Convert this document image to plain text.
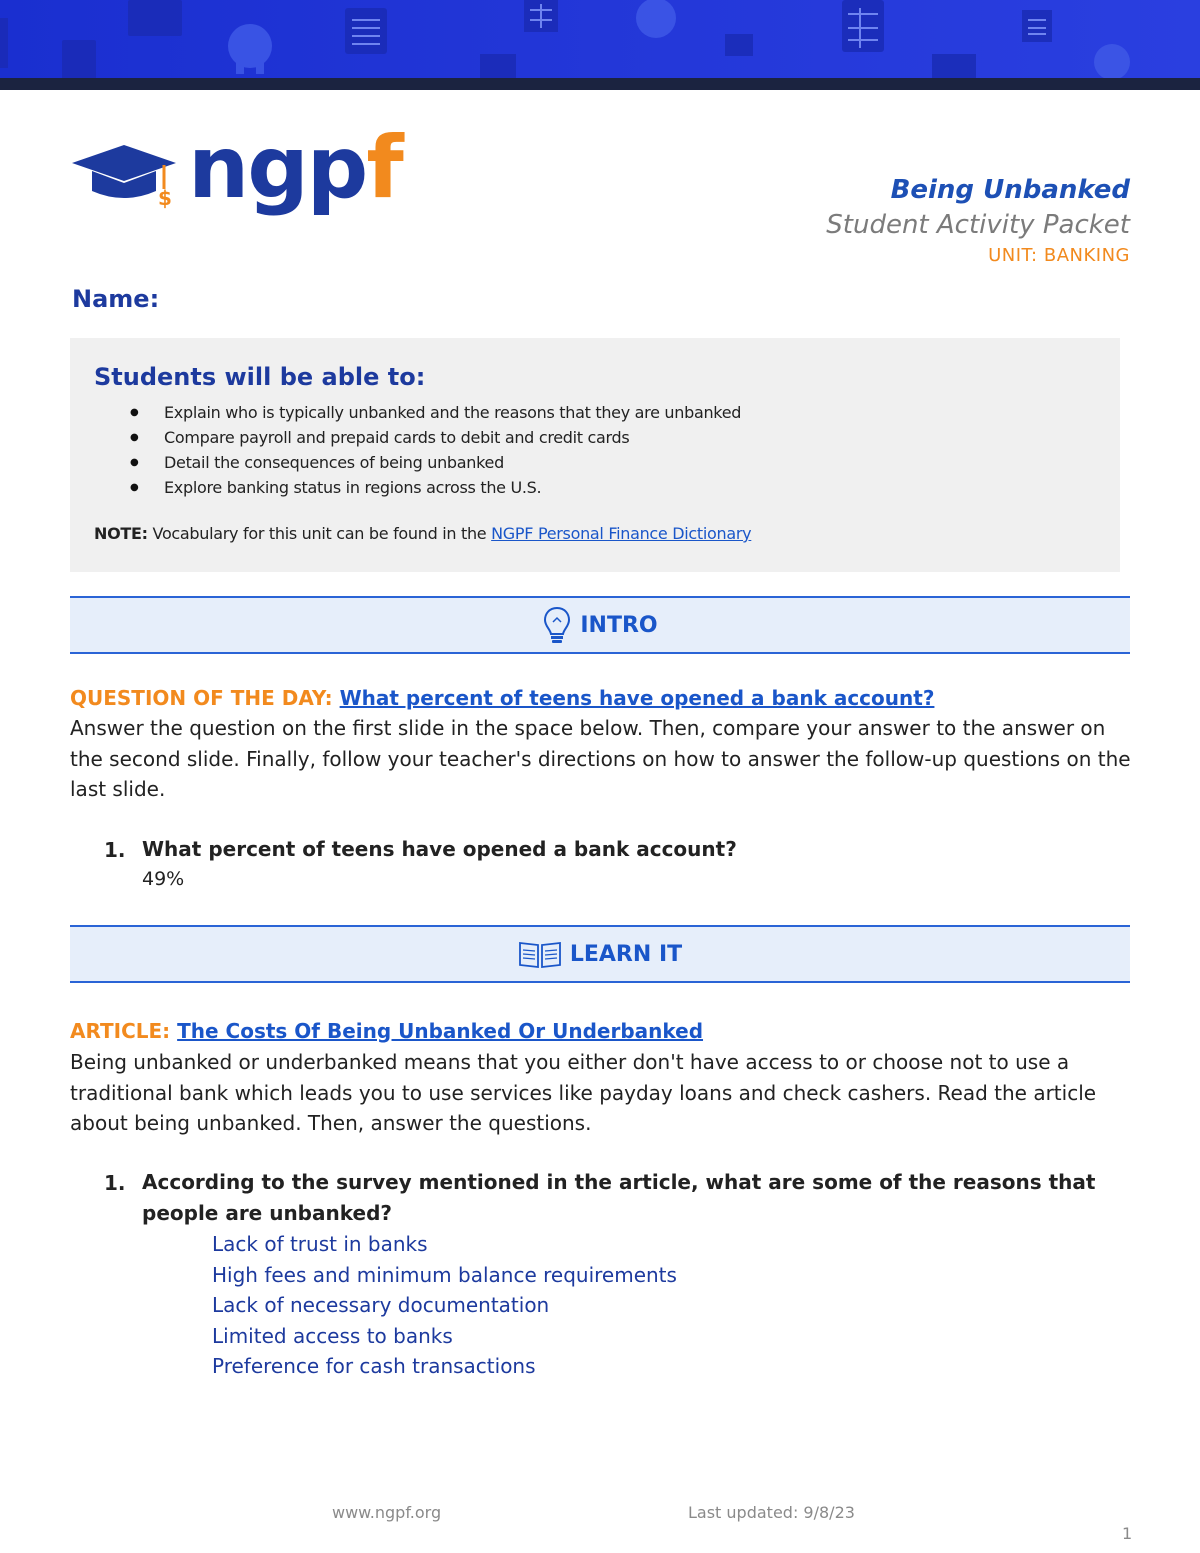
$ ngpf	Being Unbanked
Student Activity Packet
UNIT: BANKING
Name:
Students will be able to:
● Explain who is typically unbanked and the reasons that they are unbanked
● Compare payroll and prepaid cards to debit and credit cards
● Detail the consequences of being unbanked
● Explore banking status in regions across the U.S.
NOTE: Vocabulary for this unit can be found in the NGPF Personal Finance Dictionary
INTRO
QUESTION OF THE DAY: What percent of teens have opened a bank account?
Answer the question on the first slide in the space below. Then, compare your answer to the answer on the second slide. Finally, follow your teacher's directions on how to answer the follow-up questions on the last slide.
1. What percent of teens have opened a bank account?
49%
LEARN IT
ARTICLE: The Costs Of Being Unbanked Or Underbanked
Being unbanked or underbanked means that you either don't have access to or choose not to use a traditional bank which leads you to use services like payday loans and check cashers. Read the article about being unbanked. Then, answer the questions.
1. According to the survey mentioned in the article, what are some of the reasons that people are unbanked?
Lack of trust in banks
High fees and minimum balance requirements
Lack of necessary documentation
Limited access to banks
Preference for cash transactions
www.ngpf.org	Last updated: 9/8/23
1
